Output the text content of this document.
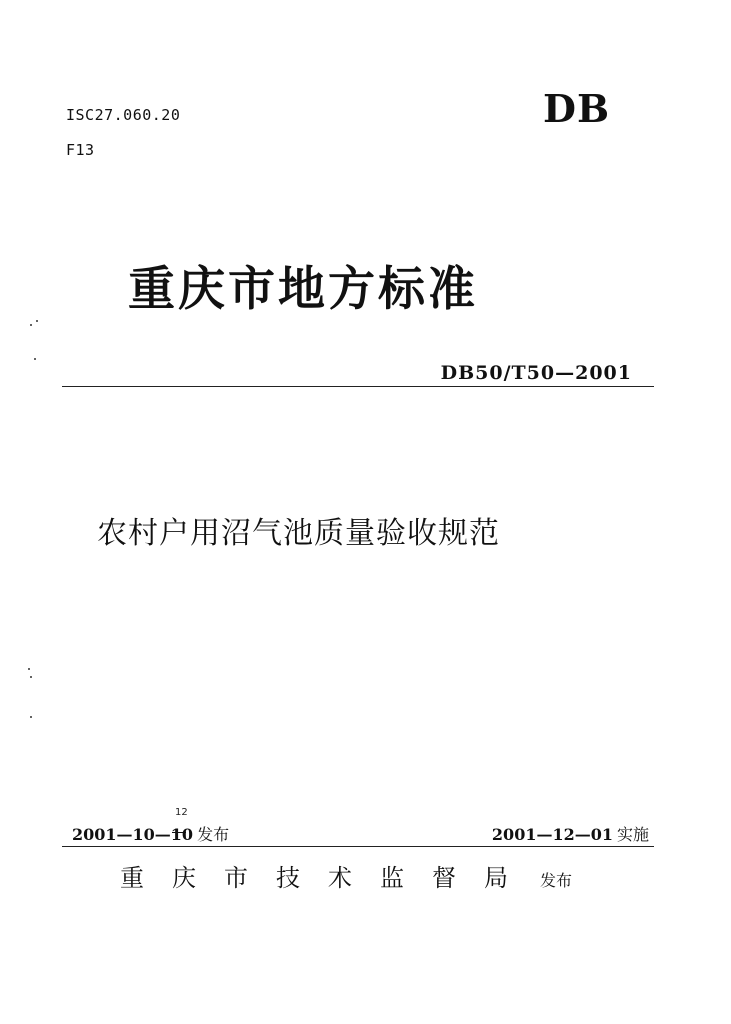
ISC27.060.20
F13
DB
重庆市地方标准
DB50/T50—2001
农村户用沼气池质量验收规范
12
2001—10—10 发布	2001—12—01 实施
重	庆	市	技	术	监	督	局	发布
